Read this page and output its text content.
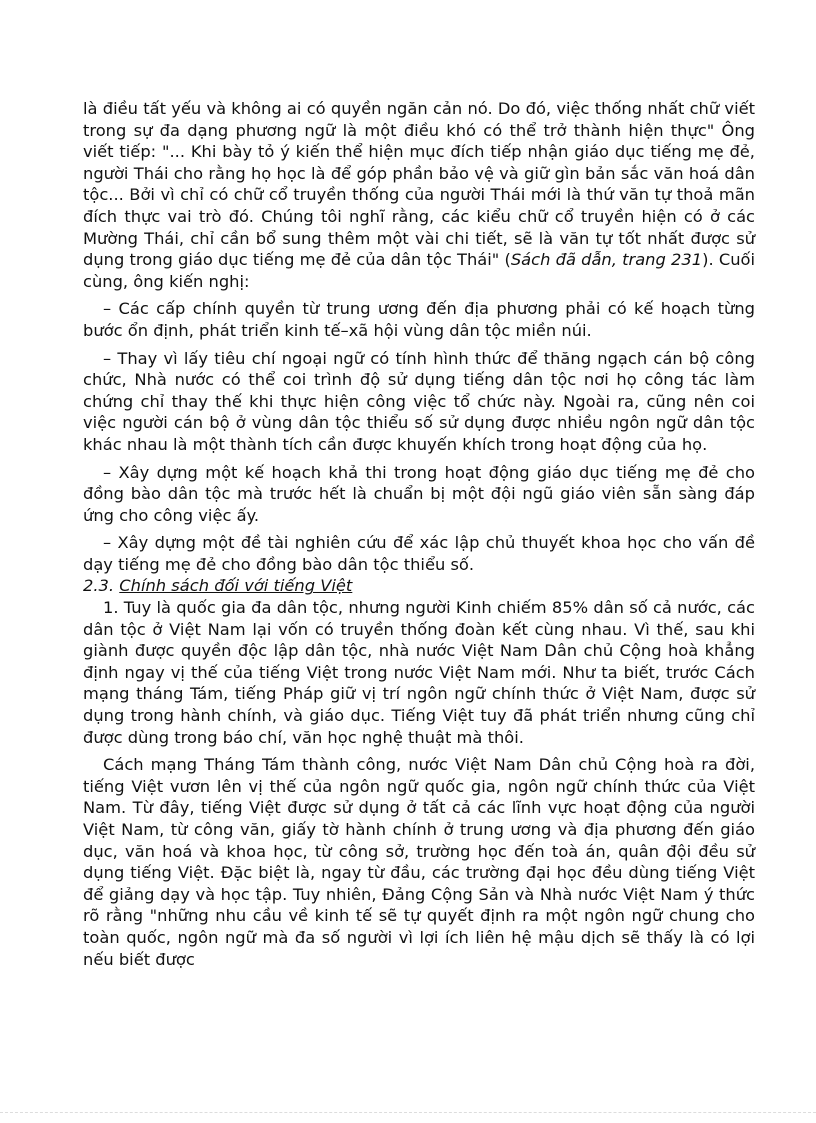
là điều tất yếu và không ai có quyền ngăn cản nó. Do đó, việc thống nhất chữ viết trong sự đa dạng phương ngữ là một điều khó có thể trở thành hiện thực" Ông viết tiếp: "... Khi bày tỏ ý kiến thể hiện mục đích tiếp nhận giáo dục tiếng mẹ đẻ, người Thái cho rằng họ học là để góp phần bảo vệ và giữ gìn bản sắc văn hoá dân tộc... Bởi vì chỉ có chữ cổ truyền thống của người Thái mới là thứ văn tự thoả mãn đích thực vai trò đó. Chúng tôi nghĩ rằng, các kiểu chữ cổ truyền hiện có ở các Mường Thái, chỉ cần bổ sung thêm một vài chi tiết, sẽ là văn tự tốt nhất được sử dụng trong giáo dục tiếng mẹ đẻ của dân tộc Thái" (Sách đã dẫn, trang 231). Cuối cùng, ông kiến nghị:

– Các cấp chính quyền từ trung ương đến địa phương phải có kế hoạch từng bước ổn định, phát triển kinh tế–xã hội vùng dân tộc miền núi.

– Thay vì lấy tiêu chí ngoại ngữ có tính hình thức để thăng ngạch cán bộ công chức, Nhà nước có thể coi trình độ sử dụng tiếng dân tộc nơi họ công tác làm chứng chỉ thay thế khi thực hiện công việc tổ chức này. Ngoài ra, cũng nên coi việc người cán bộ ở vùng dân tộc thiểu số sử dụng được nhiều ngôn ngữ dân tộc khác nhau là một thành tích cần được khuyến khích trong hoạt động của họ.

– Xây dựng một kế hoạch khả thi trong hoạt động giáo dục tiếng mẹ đẻ cho đồng bào dân tộc mà trước hết là chuẩn bị một đội ngũ giáo viên sẵn sàng đáp ứng cho công việc ấy.

– Xây dựng một đề tài nghiên cứu để xác lập chủ thuyết khoa học cho vấn đề dạy tiếng mẹ đẻ cho đồng bào dân tộc thiểu số.

2.3. Chính sách đối với tiếng Việt

1. Tuy là quốc gia đa dân tộc, nhưng người Kinh chiếm 85% dân số cả nước, các dân tộc ở Việt Nam lại vốn có truyền thống đoàn kết cùng nhau. Vì thế, sau khi giành được quyền độc lập dân tộc, nhà nước Việt Nam Dân chủ Cộng hoà khẳng định ngay vị thế của tiếng Việt trong nước Việt Nam mới. Như ta biết, trước Cách mạng tháng Tám, tiếng Pháp giữ vị trí ngôn ngữ chính thức ở Việt Nam, được sử dụng trong hành chính, và giáo dục. Tiếng Việt tuy đã phát triển nhưng cũng chỉ được dùng trong báo chí, văn học nghệ thuật mà thôi.

Cách mạng Tháng Tám thành công, nước Việt Nam Dân chủ Cộng hoà ra đời, tiếng Việt vươn lên vị thế của ngôn ngữ quốc gia, ngôn ngữ chính thức của Việt Nam. Từ đây, tiếng Việt được sử dụng ở tất cả các lĩnh vực hoạt động của người Việt Nam, từ công văn, giấy tờ hành chính ở trung ương và địa phương đến giáo dục, văn hoá và khoa học, từ công sở, trường học đến toà án, quân đội đều sử dụng tiếng Việt. Đặc biệt là, ngay từ đầu, các trường đại học đều dùng tiếng Việt để giảng dạy và học tập. Tuy nhiên, Đảng Cộng Sản và Nhà nước Việt Nam ý thức rõ rằng "những nhu cầu về kinh tế sẽ tự quyết định ra một ngôn ngữ chung cho toàn quốc, ngôn ngữ mà đa số người vì lợi ích liên hệ mậu dịch sẽ thấy là có lợi nếu biết được
